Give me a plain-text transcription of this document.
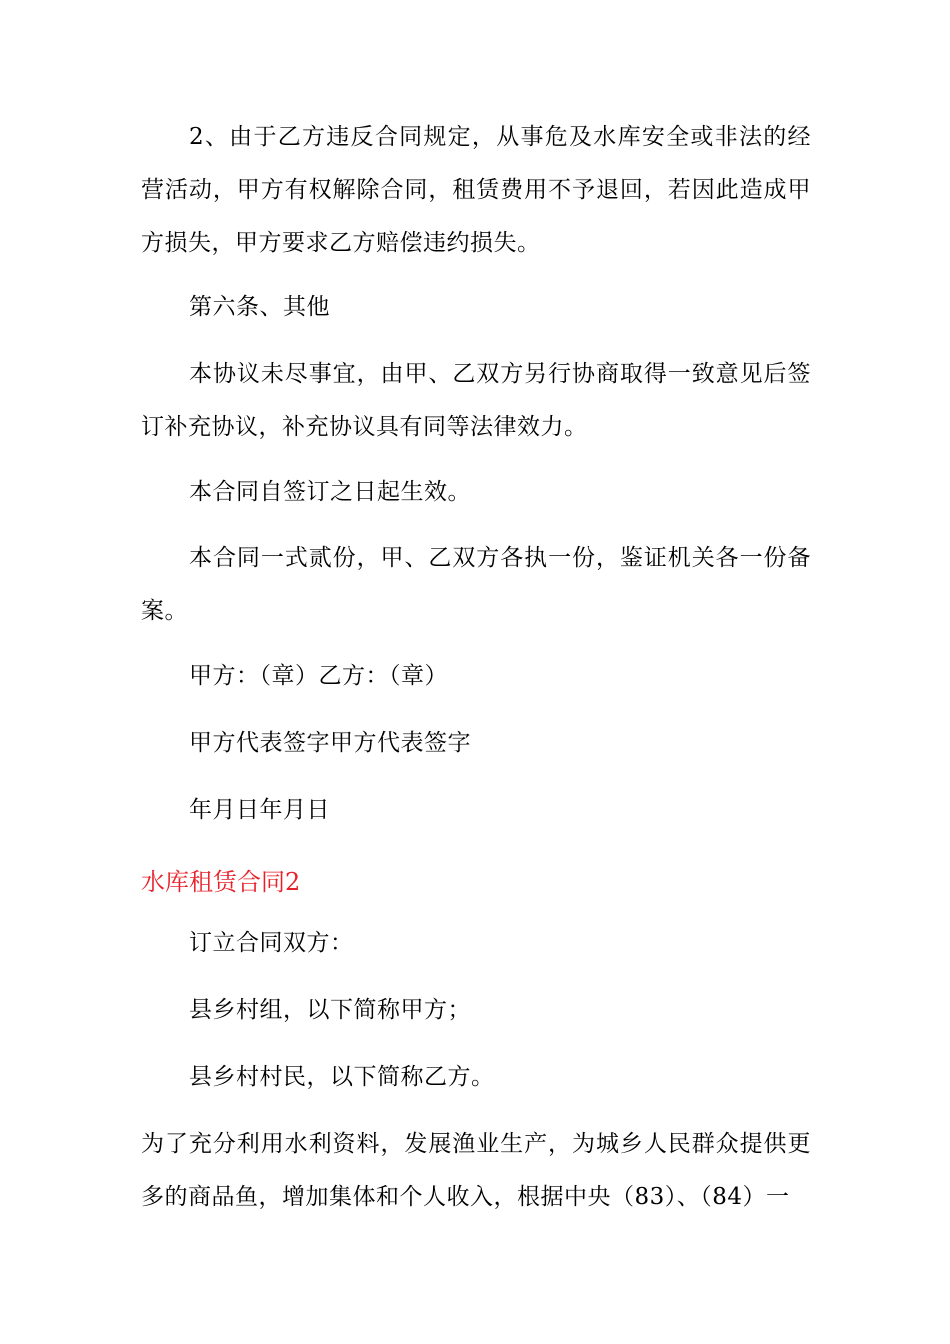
2、由于乙方违反合同规定，从事危及水库安全或非法的经营活动，甲方有权解除合同，租赁费用不予退回，若因此造成甲方损失，甲方要求乙方赔偿违约损失。

第六条、其他

本协议未尽事宜，由甲、乙双方另行协商取得一致意见后签订补充协议，补充协议具有同等法律效力。

本合同自签订之日起生效。

本合同一式贰份，甲、乙双方各执一份，鉴证机关各一份备案。

甲方：（章）乙方：（章）

甲方代表签字甲方代表签字

年月日年月日

水库租赁合同2

订立合同双方：

县乡村组，以下简称甲方；

县乡村村民，以下简称乙方。

为了充分利用水利资料，发展渔业生产，为城乡人民群众提供更多的商品鱼，增加集体和个人收入，根据中央（83）、（84）一
